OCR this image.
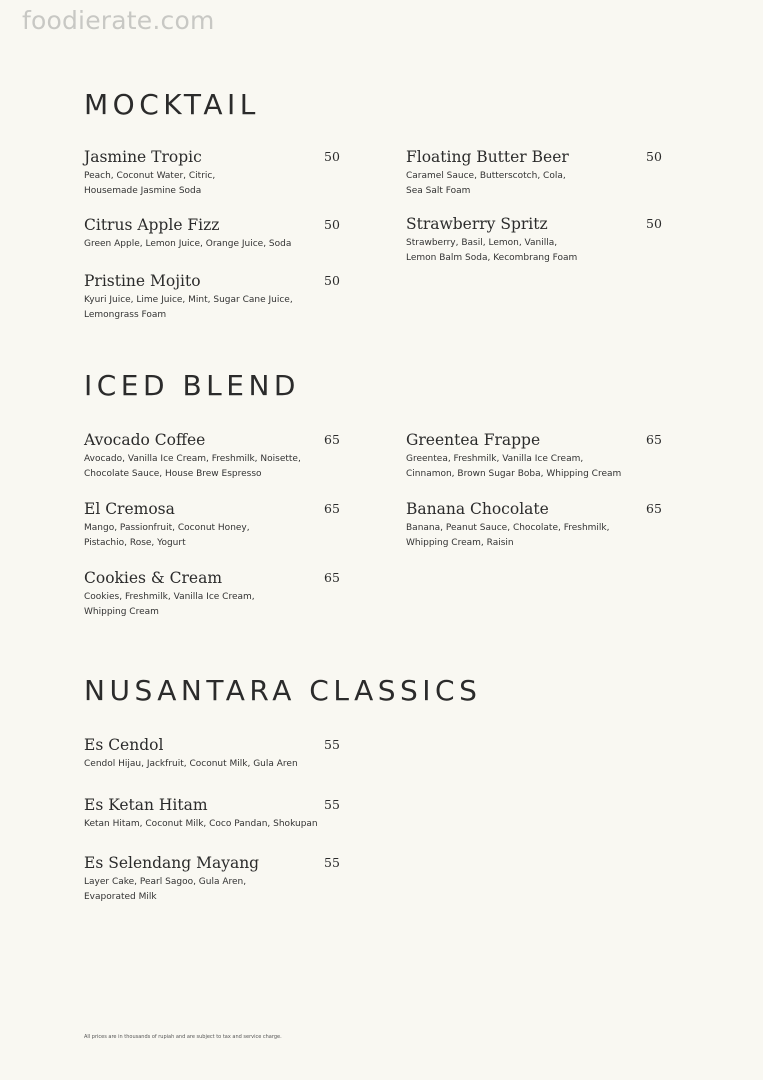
foodierate.com
MOCKTAIL
Jasmine Tropic	50
Peach, Coconut Water, Citric,
Housemade Jasmine Soda
Floating Butter Beer	50
Caramel Sauce, Butterscotch, Cola,
Sea Salt Foam
Citrus Apple Fizz	50
Green Apple, Lemon Juice, Orange Juice, Soda
Strawberry Spritz	50
Strawberry, Basil, Lemon, Vanilla,
Lemon Balm Soda, Kecombrang Foam
Pristine Mojito	50
Kyuri Juice, Lime Juice, Mint, Sugar Cane Juice,
Lemongrass Foam
ICED BLEND
Avocado Coffee	65
Avocado, Vanilla Ice Cream, Freshmilk, Noisette,
Chocolate Sauce, House Brew Espresso
Greentea Frappe	65
Greentea, Freshmilk, Vanilla Ice Cream,
Cinnamon, Brown Sugar Boba, Whipping Cream
El Cremosa	65
Mango, Passionfruit, Coconut Honey,
Pistachio, Rose, Yogurt
Banana Chocolate	65
Banana, Peanut Sauce, Chocolate, Freshmilk,
Whipping Cream, Raisin
Cookies & Cream	65
Cookies, Freshmilk, Vanilla Ice Cream,
Whipping Cream
NUSANTARA CLASSICS
Es Cendol	55
Cendol Hijau, Jackfruit, Coconut Milk, Gula Aren
Es Ketan Hitam	55
Ketan Hitam, Coconut Milk, Coco Pandan, Shokupan
Es Selendang Mayang	55
Layer Cake, Pearl Sagoo, Gula Aren,
Evaporated Milk
All prices are in thousands of rupiah and are subject to tax and service charge.
